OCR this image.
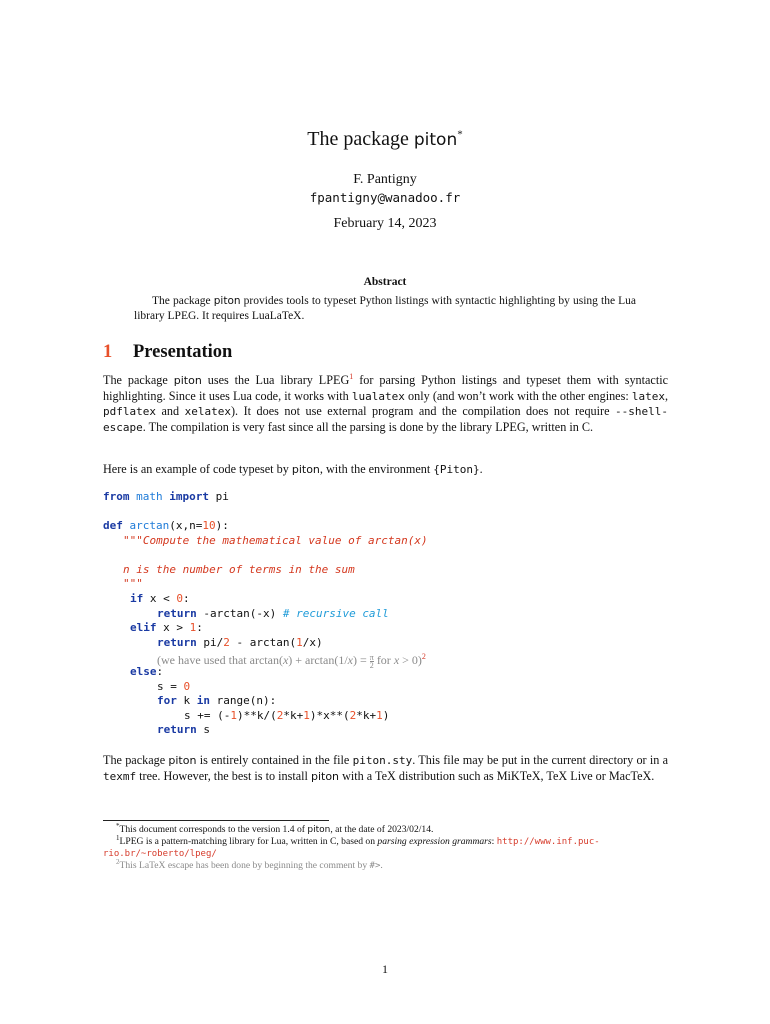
The package piton*
F. Pantigny
fpantigny@wanadoo.fr
February 14, 2023
Abstract
The package piton provides tools to typeset Python listings with syntactic highlighting by using the Lua library LPEG. It requires LuaLaTeX.
1 Presentation
The package piton uses the Lua library LPEG$^1$ for parsing Python listings and typeset them with syntactic highlighting. Since it uses Lua code, it works with lualatex only (and won’t work with the other engines: latex, pdflatex and xelatex). It does not use external program and the compilation does not require --shell-escape. The compilation is very fast since all the parsing is done by the library LPEG, written in C.
Here is an example of code typeset by piton, with the environment {Piton}.
from math import pi
def arctan(x,n=10):
"""Compute the mathematical value of arctan(x)
n is the number of terms in the sum
"""
if x < 0:
return -arctan(-x) # recursive call
elif x > 1:
return pi/2 - arctan(1/x)
(we have used that $\arctan(x) + \arctan(1/x) = \frac{\pi}{2}$ for x > 0)$^2$
else:
s = 0
for k in range(n):
s += (-1)**k/(2*k+1)*x**(2*k+1)
return s
The package piton is entirely contained in the file piton.sty. This file may be put in the current directory or in a texmf tree. However, the best is to install piton with a TeX distribution such as MiKTeX, TeX Live or MacTeX.
*This document corresponds to the version 1.4 of piton, at the date of 2023/02/14.
$^1$LPEG is a pattern-matching library for Lua, written in C, based on parsing expression grammars: http://www.inf.puc-rio.br/~roberto/lpeg/
$^2$This LaTeX escape has been done by beginning the comment by #>.
1
